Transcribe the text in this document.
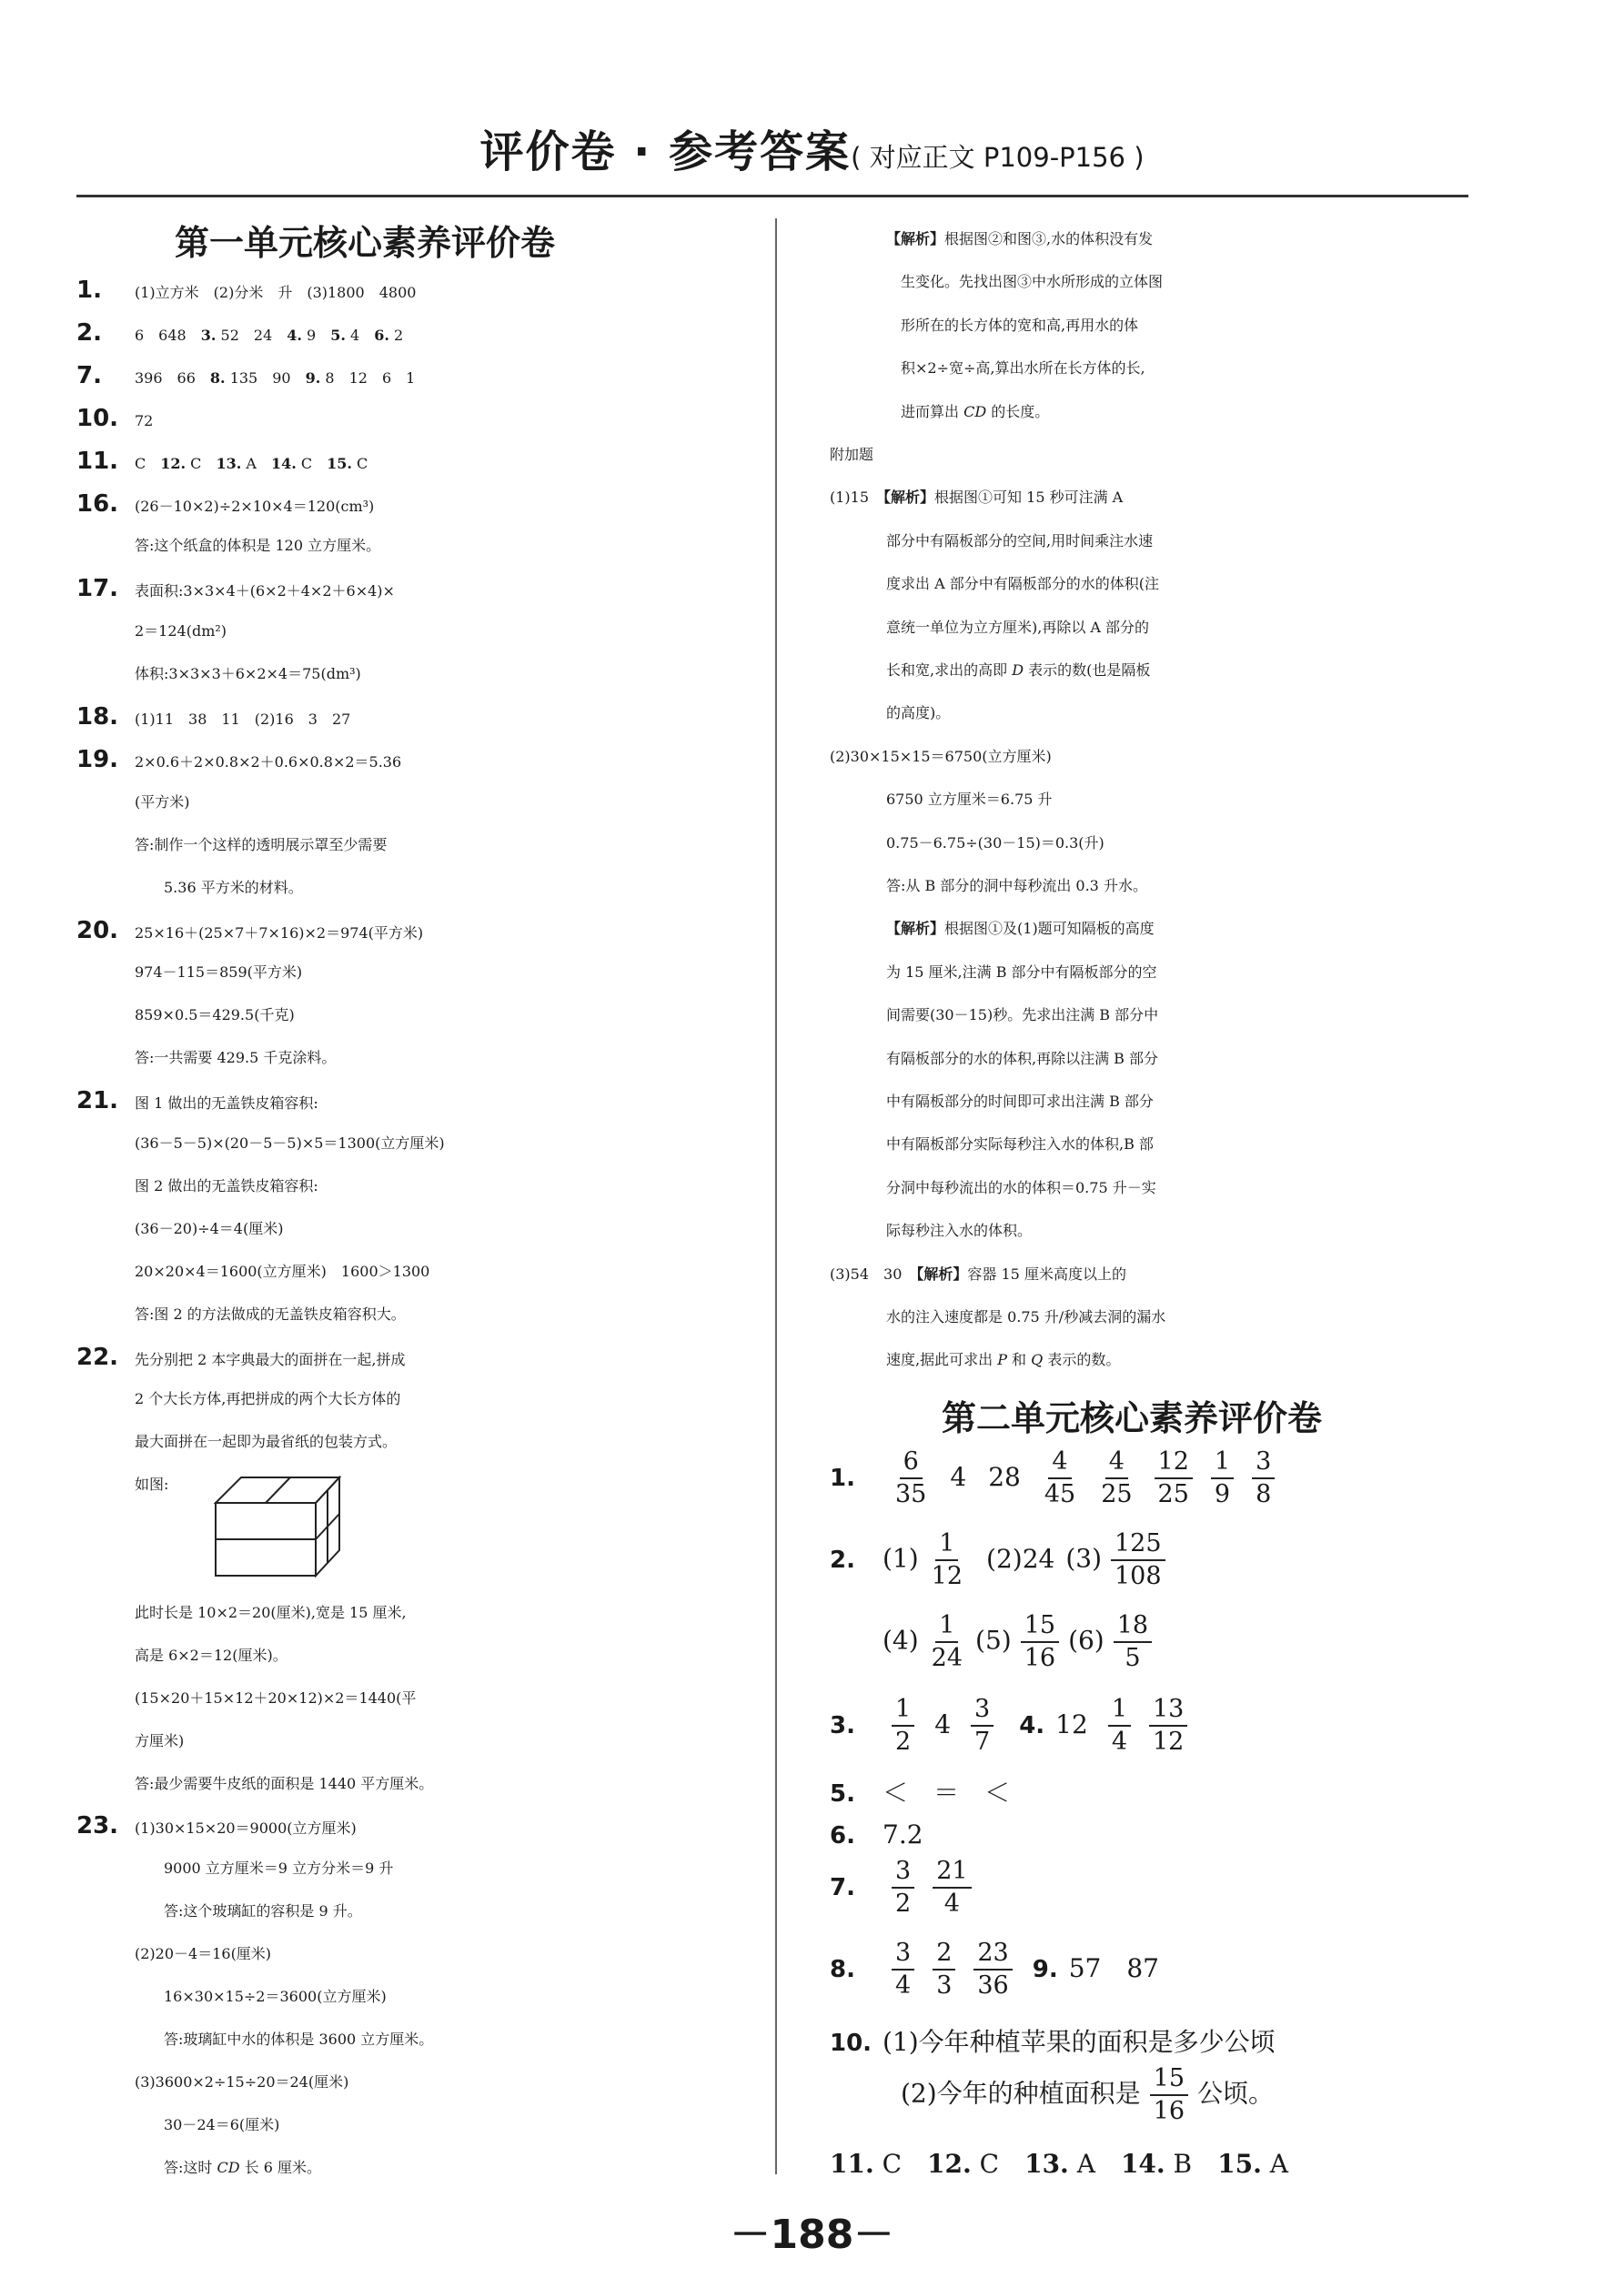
评价卷 · 参考答案( 对应正文 P109-P156 )
第一单元核心素养评价卷
1. (1)立方米　(2)分米　升　(3)1800　4800
2. 6　648　3. 52　24　4. 9　5. 4　6. 2
7. 396　66　8. 135　90　9. 8　12　6　1
10. 72
11. C　12. C　13. A　14. C　15. C
16. (26－10×2)÷2×10×4＝120(cm³)
答:这个纸盒的体积是 120 立方厘米。
17. 表面积:3×3×4＋(6×2＋4×2＋6×4)×
2＝124(dm²)
体积:3×3×3＋6×2×4＝75(dm³)
18. (1)11　38　11　(2)16　3　27
19. 2×0.6＋2×0.8×2＋0.6×0.8×2＝5.36
(平方米)
答:制作一个这样的透明展示罩至少需要
5.36 平方米的材料。
20. 25×16＋(25×7＋7×16)×2＝974(平方米)
974－115＝859(平方米)
859×0.5＝429.5(千克)
答:一共需要 429.5 千克涂料。
21. 图 1 做出的无盖铁皮箱容积:
(36－5－5)×(20－5－5)×5＝1300(立方厘米)
图 2 做出的无盖铁皮箱容积:
(36－20)÷4＝4(厘米)
20×20×4＝1600(立方厘米)　1600＞1300
答:图 2 的方法做成的无盖铁皮箱容积大。
22. 先分别把 2 本字典最大的面拼在一起,拼成
2 个大长方体,再把拼成的两个大长方体的
最大面拼在一起即为最省纸的包装方式。
如图:
此时长是 10×2＝20(厘米),宽是 15 厘米,
高是 6×2＝12(厘米)。
(15×20＋15×12＋20×12)×2＝1440(平
方厘米)
答:最少需要牛皮纸的面积是 1440 平方厘米。
23. (1)30×15×20＝9000(立方厘米)
9000 立方厘米＝9 立方分米＝9 升
答:这个玻璃缸的容积是 9 升。
(2)20－4＝16(厘米)
16×30×15÷2＝3600(立方厘米)
答:玻璃缸中水的体积是 3600 立方厘米。
(3)3600×2÷15÷20＝24(厘米)
30－24＝6(厘米)
答:这时 CD 长 6 厘米。
【解析】根据图②和图③,水的体积没有发
生变化。先找出图③中水所形成的立体图
形所在的长方体的宽和高,再用水的体
积×2÷宽÷高,算出水所在长方体的长,
进而算出 CD 的长度。
附加题
(1)15　【解析】根据图①可知 15 秒可注满 A
部分中有隔板部分的空间,用时间乘注水速
度求出 A 部分中有隔板部分的水的体积(注
意统一单位为立方厘米),再除以 A 部分的
长和宽,求出的高即 D 表示的数(也是隔板
的高度)。
(2)30×15×15＝6750(立方厘米)
6750 立方厘米＝6.75 升
0.75－6.75÷(30－15)＝0.3(升)
答:从 B 部分的洞中每秒流出 0.3 升水。
【解析】根据图①及(1)题可知隔板的高度
为 15 厘米,注满 B 部分中有隔板部分的空
间需要(30－15)秒。先求出注满 B 部分中
有隔板部分的水的体积,再除以注满 B 部分
中有隔板部分的时间即可求出注满 B 部分
中有隔板部分实际每秒注入水的体积,B 部
分洞中每秒流出的水的体积＝0.75 升－实
际每秒注入水的体积。
(3)54　30　【解析】容器 15 厘米高度以上的
水的注入速度都是 0.75 升/秒减去洞的漏水
速度,据此可求出 P 和 Q 表示的数。
第二单元核心素养评价卷
1. $\frac{6}{35} 4$ $28 \frac{4}{45} \frac{4}{25} \frac{12}{25} \frac{1}{9} \frac{3}{8}$
2. $(1) \frac{1}{12} (2)24$ $(3) \frac{125}{108}$
$(4) \frac{1}{24} (5) \frac{15}{16} (6) \frac{18}{5}$
3. $\frac{1}{2} 4 \frac{3}{7} 4$. $12 \frac{1}{4} \frac{13}{12}$
5. ＜　＝　＜
6. 7.2
7. $\frac{3}{2} \frac{21}{4}$
8. $\frac{3}{4} \frac{2}{3} \frac{23}{36} 9$. 57　87
10. (1)今年种植苹果的面积是多少公顷
(2)今年的种植面积是 $\frac{15}{16}$ 公顷。
11. C　12. C　13. A　14. B　15. A
－188－
